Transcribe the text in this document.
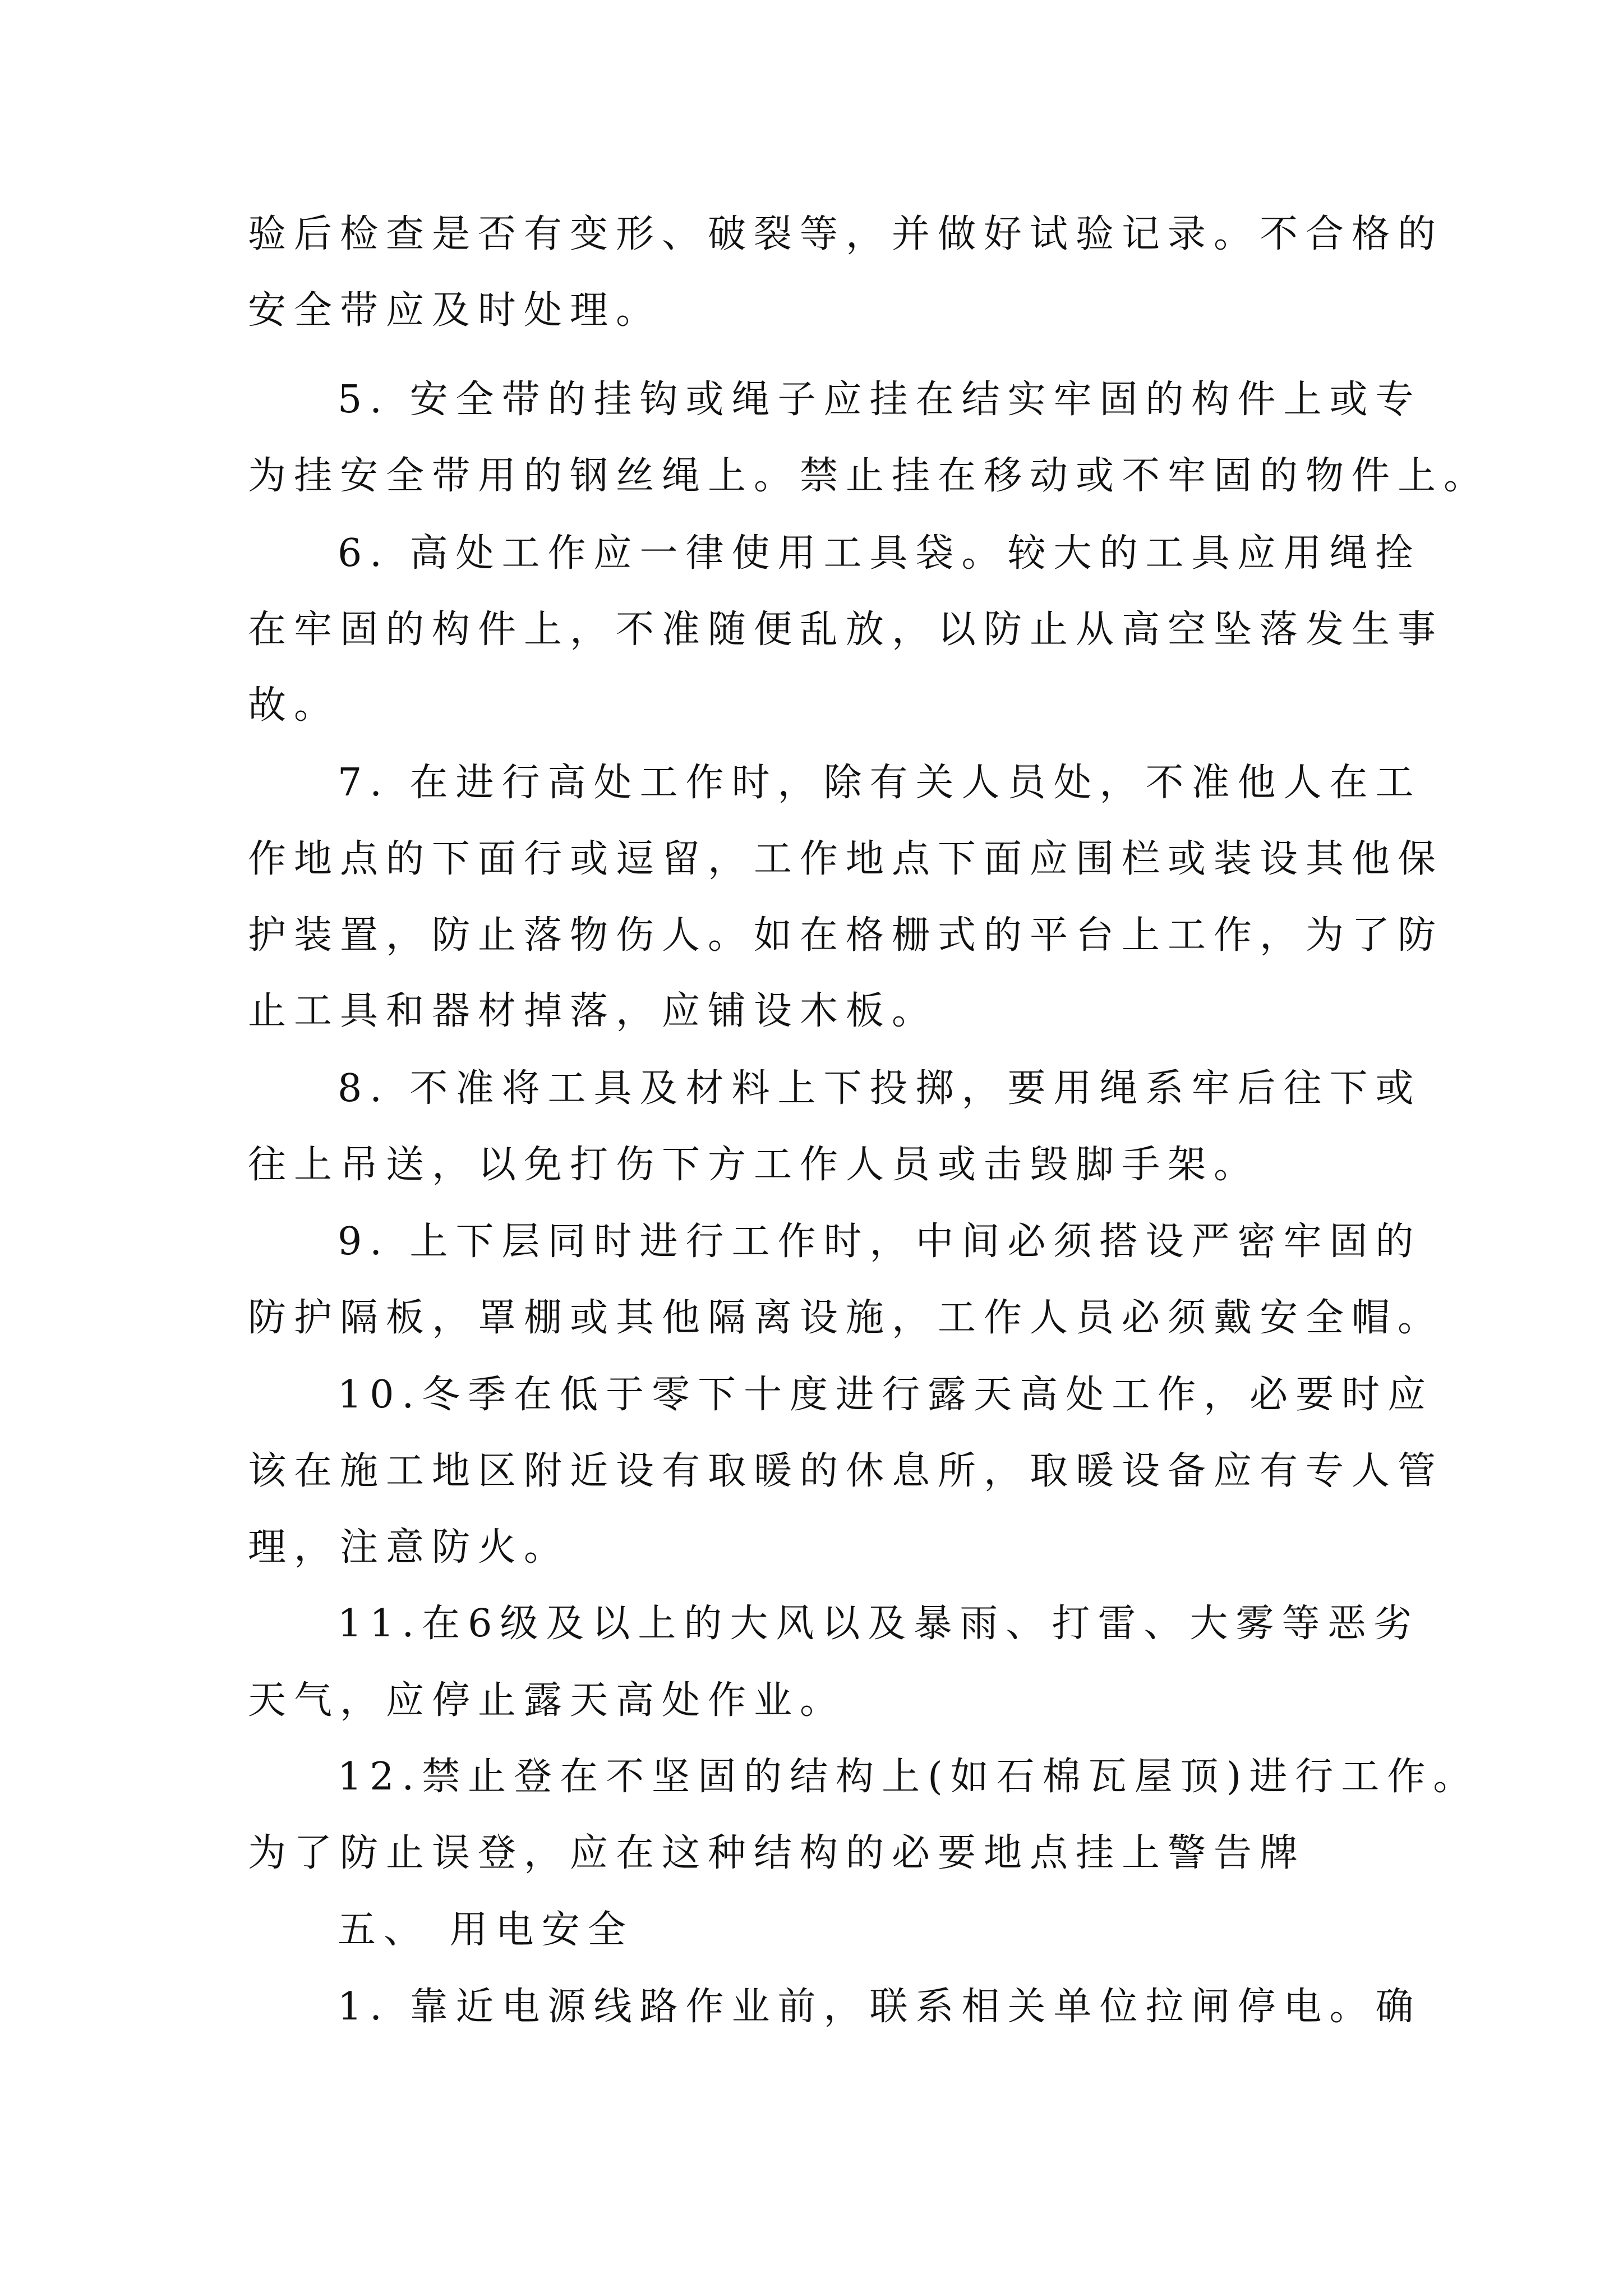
验后检查是否有变形、破裂等，并做好试验记录。不合格的
安全带应及时处理。
5. 安全带的挂钩或绳子应挂在结实牢固的构件上或专
为挂安全带用的钢丝绳上。禁止挂在移动或不牢固的物件上。
6. 高处工作应一律使用工具袋。较大的工具应用绳拴
在牢固的构件上，不准随便乱放，以防止从高空坠落发生事
故。
7. 在进行高处工作时，除有关人员处，不准他人在工
作地点的下面行或逗留，工作地点下面应围栏或装设其他保
护装置，防止落物伤人。如在格栅式的平台上工作，为了防
止工具和器材掉落，应铺设木板。
8. 不准将工具及材料上下投掷，要用绳系牢后往下或
往上吊送，以免打伤下方工作人员或击毁脚手架。
9. 上下层同时进行工作时，中间必须搭设严密牢固的
防护隔板，罩棚或其他隔离设施，工作人员必须戴安全帽。
10.冬季在低于零下十度进行露天高处工作，必要时应
该在施工地区附近设有取暖的休息所，取暖设备应有专人管
理，注意防火。
11.在6级及以上的大风以及暴雨、打雷、大雾等恶劣
天气，应停止露天高处作业。
12.禁止登在不坚固的结构上(如石棉瓦屋顶)进行工作。
为了防止误登，应在这种结构的必要地点挂上警告牌
五、 用电安全
1. 靠近电源线路作业前，联系相关单位拉闸停电。确
